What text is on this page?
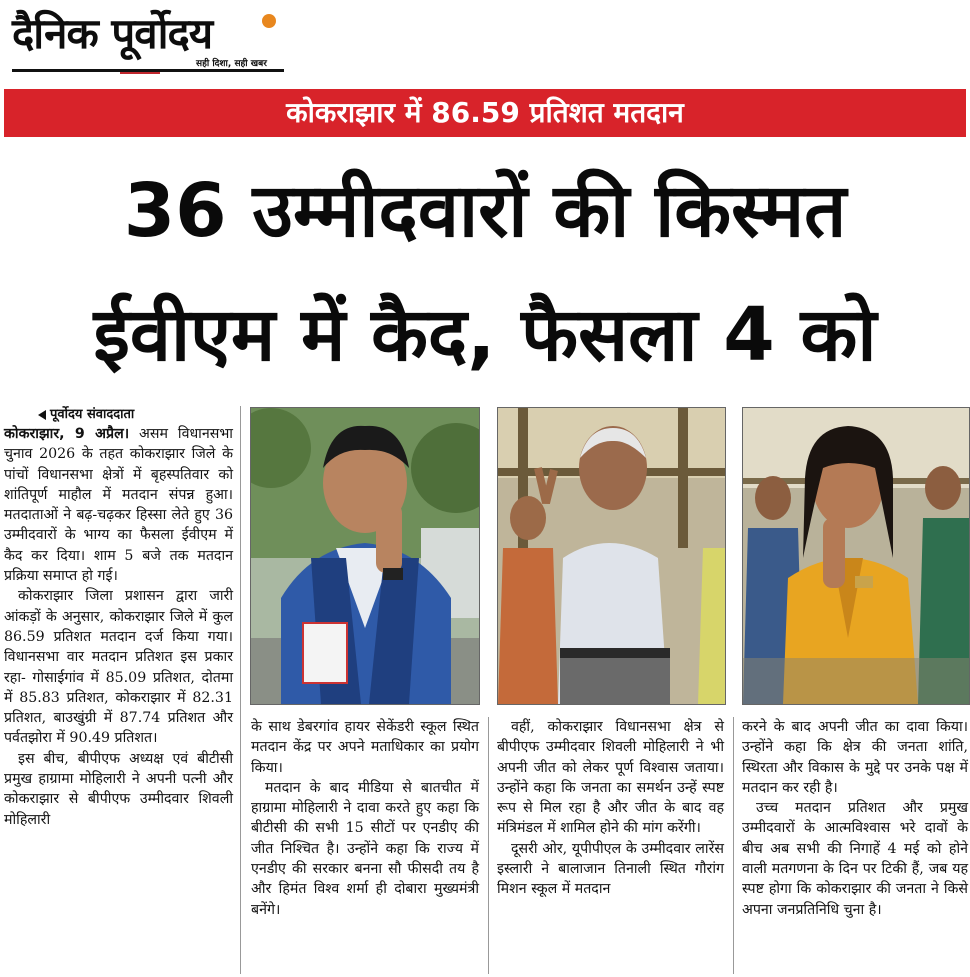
दैनिक पूर्वोदय
सही दिशा, सही खबर
कोकराझार में 86.59 प्रतिशत मतदान
36 उम्मीदवारों की किस्मत
ईवीएम में कैद, फैसला 4 को
पूर्वोदय संवाददाता

कोकराझार, 9 अप्रैल। असम विधानसभा चुनाव 2026 के तहत कोकराझार जिले के पांचों विधानसभा क्षेत्रों में बृहस्पतिवार को शांतिपूर्ण माहौल में मतदान संपन्न हुआ। मतदाताओं ने बढ़-चढ़कर हिस्सा लेते हुए 36 उम्मीदवारों के भाग्य का फैसला ईवीएम में कैद कर दिया। शाम 5 बजे तक मतदान प्रक्रिया समाप्त हो गई।

कोकराझार जिला प्रशासन द्वारा जारी आंकड़ों के अनुसार, कोकराझार जिले में कुल 86.59 प्रतिशत मतदान दर्ज किया गया। विधानसभा वार मतदान प्रतिशत इस प्रकार रहा- गोसाईगांव में 85.09 प्रतिशत, दोतमा में 85.83 प्रतिशत, कोकराझार में 82.31 प्रतिशत, बाउखुंग्री में 87.74 प्रतिशत और पर्वतझोरा में 90.49 प्रतिशत।

इस बीच, बीपीएफ अध्यक्ष एवं बीटीसी प्रमुख हाग्रामा मोहिलारी ने अपनी पत्नी और कोकराझार से बीपीएफ उम्मीदवार शिवली मोहिलारी

के साथ डेबरगांव हायर सेकेंडरी स्कूल स्थित मतदान केंद्र पर अपने मताधिकार का प्रयोग किया।

मतदान के बाद मीडिया से बातचीत में हाग्रामा मोहिलारी ने दावा करते हुए कहा कि बीटीसी की सभी 15 सीटों पर एनडीए की जीत निश्चित है। उन्होंने कहा कि राज्य में एनडीए की सरकार बनना सौ फीसदी तय है और हिमंत विश्व शर्मा ही दोबारा मुख्यमंत्री बनेंगे।

वहीं, कोकराझार विधानसभा क्षेत्र से बीपीएफ उम्मीदवार शिवली मोहिलारी ने भी अपनी जीत को लेकर पूर्ण विश्वास जताया। उन्होंने कहा कि जनता का समर्थन उन्हें स्पष्ट रूप से मिल रहा है और जीत के बाद वह मंत्रिमंडल में शामिल होने की मांग करेंगी।

दूसरी ओर, यूपीपीएल के उम्मीदवार लारेंस इस्लारी ने बालाजान तिनाली स्थित गौरांग मिशन स्कूल में मतदान

करने के बाद अपनी जीत का दावा किया। उन्होंने कहा कि क्षेत्र की जनता शांति, स्थिरता और विकास के मुद्दे पर उनके पक्ष में मतदान कर रही है।

उच्च मतदान प्रतिशत और प्रमुख उम्मीदवारों के आत्मविश्वास भरे दावों के बीच अब सभी की निगाहें 4 मई को होने वाली मतगणना के दिन पर टिकी हैं, जब यह स्पष्ट होगा कि कोकराझार की जनता ने किसे अपना जनप्रतिनिधि चुना है।
